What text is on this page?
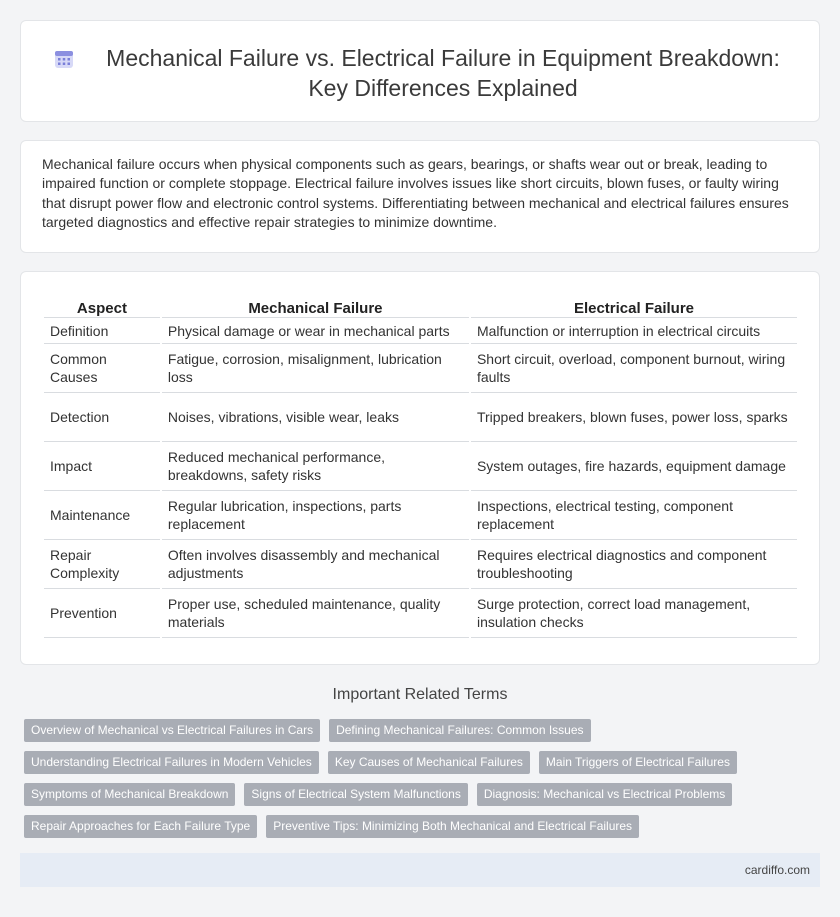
Mechanical Failure vs. Electrical Failure in Equipment Breakdown:
Key Differences Explained

Mechanical failure occurs when physical components such as gears, bearings, or shafts wear out or break, leading to impaired function or complete stoppage. Electrical failure involves issues like short circuits, blown fuses, or faulty wiring that disrupt power flow and electronic control systems. Differentiating between mechanical and electrical failures ensures targeted diagnostics and effective repair strategies to minimize downtime.

Aspect	Mechanical Failure	Electrical Failure
Definition	Physical damage or wear in mechanical parts	Malfunction or interruption in electrical circuits
Common Causes	Fatigue, corrosion, misalignment, lubrication loss	Short circuit, overload, component burnout, wiring faults
Detection	Noises, vibrations, visible wear, leaks	Tripped breakers, blown fuses, power loss, sparks
Impact	Reduced mechanical performance, breakdowns, safety risks	System outages, fire hazards, equipment damage
Maintenance	Regular lubrication, inspections, parts replacement	Inspections, electrical testing, component replacement
Repair Complexity	Often involves disassembly and mechanical adjustments	Requires electrical diagnostics and component troubleshooting
Prevention	Proper use, scheduled maintenance, quality materials	Surge protection, correct load management, insulation checks
Important Related Terms
Overview of Mechanical vs Electrical Failures in Cars	Defining Mechanical Failures: Common Issues
Understanding Electrical Failures in Modern Vehicles	Key Causes of Mechanical Failures	Main Triggers of Electrical Failures
Symptoms of Mechanical Breakdown	Signs of Electrical System Malfunctions	Diagnosis: Mechanical vs Electrical Problems
Repair Approaches for Each Failure Type	Preventive Tips: Minimizing Both Mechanical and Electrical Failures
cardiffo.com
